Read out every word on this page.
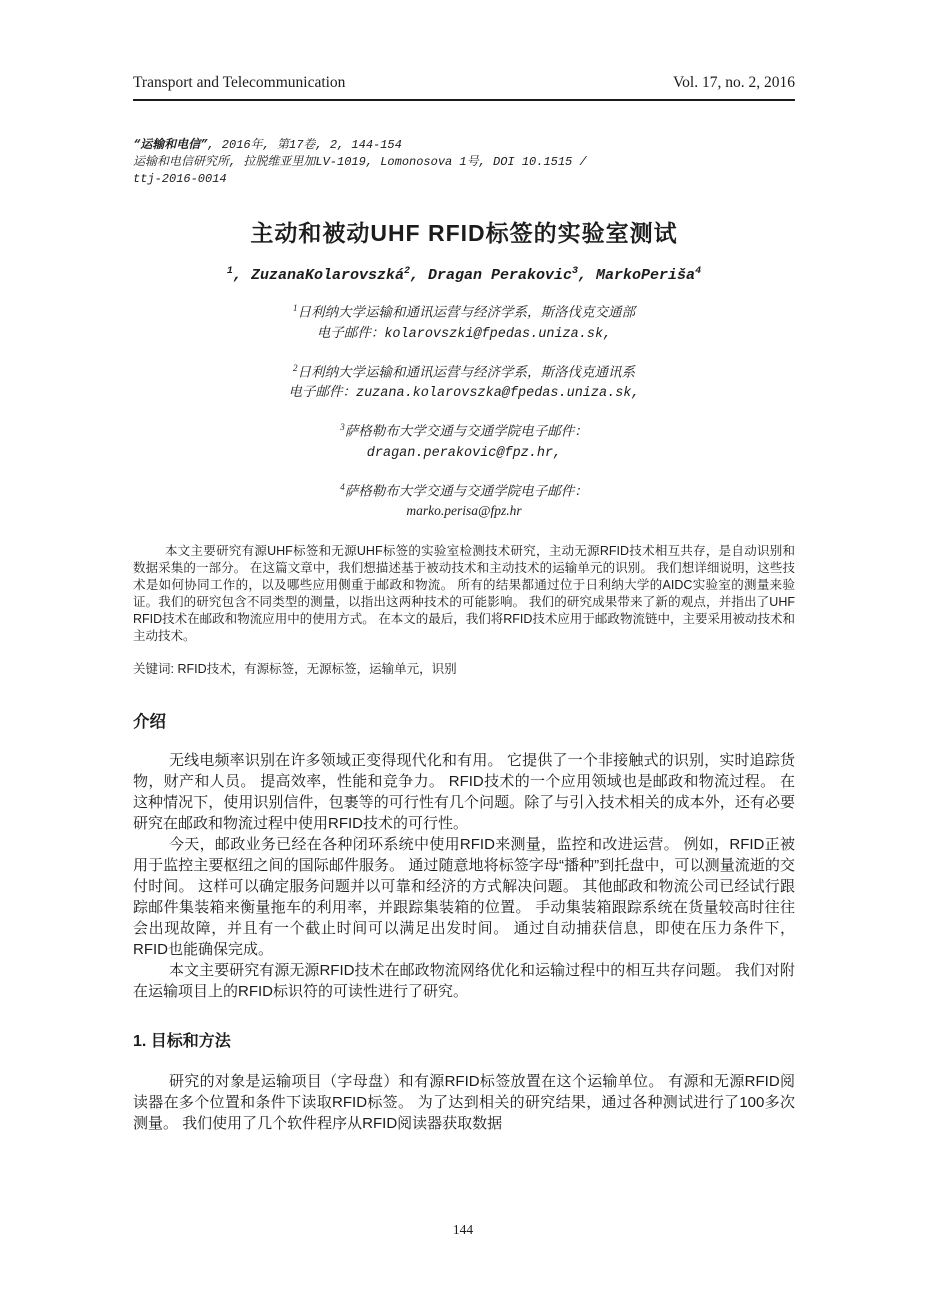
Transport and Telecommunication	Vol. 17, no. 2, 2016
“运输和电信”, 2016年, 第17卷, 2, 144-154
运输和电信研究所, 拉脱维亚里加LV-1019, Lomonosova 1号, DOI 10.1515 /
ttj-2016-0014
主动和被动UHF RFID标签的实验室测试

$^1$, ZuzanaKolarovszká$^2$, Dragan Perakovic$^3$, MarkoPeriša$^4$

$^1$日利纳大学运输和通讯运营与经济学系，斯洛伐克交通部
电子邮件：kolarovszki@fpedas.uniza.sk,
$^2$日利纳大学运输和通讯运营与经济学系，斯洛伐克通讯系
电子邮件：zuzana.kolarovszka@fpedas.uniza.sk,
$^3$萨格勒布大学交通与交通学院电子邮件：
dragan.perakovic@fpz.hr,
$^4$萨格勒布大学交通与交通学院电子邮件：
marko.perisa@fpz.hr

本文主要研究有源UHF标签和无源UHF标签的实验室检测技术研究，主动无源RFID技术相互共存，是自动识别和数据采集的一部分。 在这篇文章中，我们想描述基于被动技术和主动技术的运输单元的识别。 我们想详细说明，这些技术是如何协同工作的，以及哪些应用侧重于邮政和物流。 所有的结果都通过位于日利纳大学的AIDC实验室的测量来验证。我们的研究包含不同类型的测量，以指出这两种技术的可能影响。 我们的研究成果带来了新的观点，并指出了UHF RFID技术在邮政和物流应用中的使用方式。 在本文的最后，我们将RFID技术应用于邮政物流链中，主要采用被动技术和主动技术。

关键词: RFID技术，有源标签，无源标签，运输单元，识别

介绍

无线电频率识别在许多领域正变得现代化和有用。 它提供了一个非接触式的识别，实时追踪货物，财产和人员。 提高效率，性能和竞争力。 RFID技术的一个应用领域也是邮政和物流过程。 在这种情况下，使用识别信件，包裹等的可行性有几个问题。除了与引入技术相关的成本外，还有必要研究在邮政和物流过程中使用RFID技术的可行性。

今天，邮政业务已经在各种闭环系统中使用RFID来测量，监控和改进运营。 例如，RFID正被用于监控主要枢纽之间的国际邮件服务。 通过随意地将标签字母“播种”到托盘中，可以测量流逝的交付时间。 这样可以确定服务问题并以可靠和经济的方式解决问题。 其他邮政和物流公司已经试行跟踪邮件集装箱来衡量拖车的利用率，并跟踪集装箱的位置。 手动集装箱跟踪系统在货量较高时往往会出现故障，并且有一个截止时间可以满足出发时间。 通过自动捕获信息，即使在压力条件下，RFID也能确保完成。

本文主要研究有源无源RFID技术在邮政物流网络优化和运输过程中的相互共存问题。 我们对附在运输项目上的RFID标识符的可读性进行了研究。

1. 目标和方法

研究的对象是运输项目（字母盘）和有源RFID标签放置在这个运输单位。 有源和无源RFID阅读器在多个位置和条件下读取RFID标签。 为了达到相关的研究结果，通过各种测试进行了100多次测量。 我们使用了几个软件程序从RFID阅读器获取数据

144
